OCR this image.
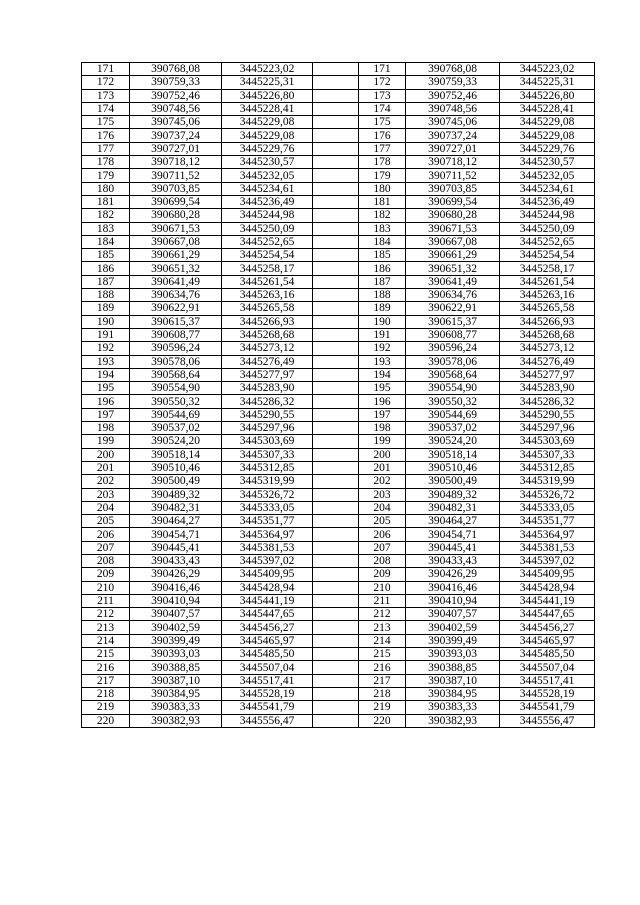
171	390768,08	3445223,02		171	390768,08	3445223,02
172	390759,33	3445225,31		172	390759,33	3445225,31
173	390752,46	3445226,80		173	390752,46	3445226,80
174	390748,56	3445228,41		174	390748,56	3445228,41
175	390745,06	3445229,08		175	390745,06	3445229,08
176	390737,24	3445229,08		176	390737,24	3445229,08
177	390727,01	3445229,76		177	390727,01	3445229,76
178	390718,12	3445230,57		178	390718,12	3445230,57
179	390711,52	3445232,05		179	390711,52	3445232,05
180	390703,85	3445234,61		180	390703,85	3445234,61
181	390699,54	3445236,49		181	390699,54	3445236,49
182	390680,28	3445244,98		182	390680,28	3445244,98
183	390671,53	3445250,09		183	390671,53	3445250,09
184	390667,08	3445252,65		184	390667,08	3445252,65
185	390661,29	3445254,54		185	390661,29	3445254,54
186	390651,32	3445258,17		186	390651,32	3445258,17
187	390641,49	3445261,54		187	390641,49	3445261,54
188	390634,76	3445263,16		188	390634,76	3445263,16
189	390622,91	3445265,58		189	390622,91	3445265,58
190	390615,37	3445266,93		190	390615,37	3445266,93
191	390608,77	3445268,68		191	390608,77	3445268,68
192	390596,24	3445273,12		192	390596,24	3445273,12
193	390578,06	3445276,49		193	390578,06	3445276,49
194	390568,64	3445277,97		194	390568,64	3445277,97
195	390554,90	3445283,90		195	390554,90	3445283,90
196	390550,32	3445286,32		196	390550,32	3445286,32
197	390544,69	3445290,55		197	390544,69	3445290,55
198	390537,02	3445297,96		198	390537,02	3445297,96
199	390524,20	3445303,69		199	390524,20	3445303,69
200	390518,14	3445307,33		200	390518,14	3445307,33
201	390510,46	3445312,85		201	390510,46	3445312,85
202	390500,49	3445319,99		202	390500,49	3445319,99
203	390489,32	3445326,72		203	390489,32	3445326,72
204	390482,31	3445333,05		204	390482,31	3445333,05
205	390464,27	3445351,77		205	390464,27	3445351,77
206	390454,71	3445364,97		206	390454,71	3445364,97
207	390445,41	3445381,53		207	390445,41	3445381,53
208	390433,43	3445397,02		208	390433,43	3445397,02
209	390426,29	3445409,95		209	390426,29	3445409,95
210	390416,46	3445428,94		210	390416,46	3445428,94
211	390410,94	3445441,19		211	390410,94	3445441,19
212	390407,57	3445447,65		212	390407,57	3445447,65
213	390402,59	3445456,27		213	390402,59	3445456,27
214	390399,49	3445465,97		214	390399,49	3445465,97
215	390393,03	3445485,50		215	390393,03	3445485,50
216	390388,85	3445507,04		216	390388,85	3445507,04
217	390387,10	3445517,41		217	390387,10	3445517,41
218	390384,95	3445528,19		218	390384,95	3445528,19
219	390383,33	3445541,79		219	390383,33	3445541,79
220	390382,93	3445556,47		220	390382,93	3445556,47
